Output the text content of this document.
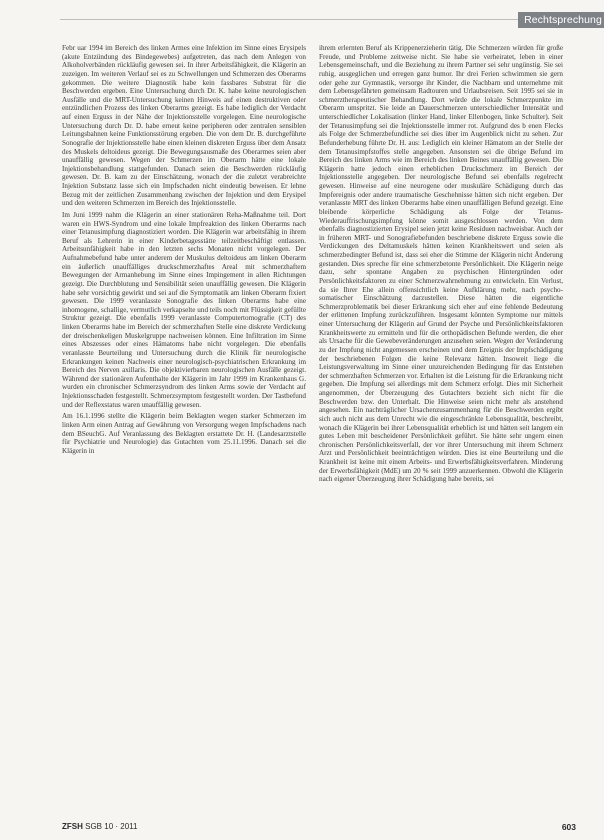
Rechtsprechung

Febr uar 1994 im Bereich des linken Armes eine Infektion im Sinne eines Erysipels (akute Entzündung des Bindegewebes) aufgetreten, das nach dem Anlegen von Alkoholverbänden rückläufig gewesen sei. In ihrer Arbeitsfähigkeit, die Klägerin an zuzeigen. Im weiteren Verlauf sei es zu Schwellungen und Schmerzen des Oberarms gekommen. Die weitere Diagnostik habe kein fassbares Substrat für die Beschwerden ergeben. Eine Untersuchung durch Dr. K. habe keine neurologischen Ausfälle und die MRT-Untersuchung keinen Hinweis auf einen destruktiven oder entzündlichen Prozess des linken Oberarms gezeigt. Es habe lediglich der Verdacht auf einen Erguss in der Nähe der Injektionsstelle vorgelegen. Eine neurologische Untersuchung durch Dr. D. habe erneut keine peripheren oder zentralen sensiblen Leitungsbahnen keine Funktionsstörung ergeben. Die von dem Dr. B. durchgeführte Sonografie der Injektionsstelle habe einen kleinen diskreten Erguss über dem Ansatz des Muskels deltoideus gezeigt. Die Bewegungsausmaße des Oberarmes seien aber unauffällig gewesen. Wegen der Schmerzen im Oberarm hätte eine lokale Injektionsbehandlung stattgefunden. Danach seien die Beschwerden rückläufig gewesen. Dr. B. kam zu der Einschätzung, wonach der die zuletzt verabreichte Injektion Substanz lasse sich ein Impfschaden nicht eindeutig beweisen. Er lehne Bezug mit der zeitlichen Zusammenhang zwischen der Injektion und dem Erysipel und den weiteren Schmerzen im Bereich des Injektionsstelle.

Im Juni 1999 nahm die Klägerin an einer stationären Reha-Maßnahme teil. Dort waren ein HWS-Syndrom und eine lokale Impfreaktion des linken Oberarms nach einer Tetanusimpfung diagnostiziert worden. Die Klägerin war arbeitsfähig in ihrem Beruf als Lehrerin in einer Kinderbetagesstätte teilzeitbeschäftigt entlassen. Arbeitsunfähigkeit habe in den letzten sechs Monaten nicht vorgelegen. Der Aufnahmebefund habe unter anderem der Muskulus deltoideus am linken Oberarm ein äußerlich unauffälliges druckschmerzhaftes Areal mit schmerzhaftem Bewegungen der Armanhebung im Sinne eines Impingement in allen Richtungen gezeigt. Die Durchblutung und Sensibilität seien unauffällig gewesen. Die Klägerin habe sehr vorsichtig gewirkt und sei auf die Symptomatik am linken Oberarm fixiert gewesen. Die 1999 veranlasste Sonografie des linken Oberarms habe eine inhomogene, schallige, vermutlich verkapselte und teils noch mit Flüssigkeit gefüllte Struktur gezeigt. Die ebenfalls 1999 veranlasste Computertomografie (CT) des linken Oberarms habe im Bereich der schmerzhaften Stelle eine diskrete Verdickung der dreischenkeligen Muskelgruppe nachweisen können. Eine Infiltration im Sinne eines Abszesses oder eines Hämatoms habe nicht vorgelegen. Die ebenfalls veranlasste Beurteilung und Untersuchung durch die Klinik für neurologische Erkrankungen keinen Nachweis einer neurologisch-psychiatrischen Erkrankung im Bereich des Nerven axillaris. Die objektivierbaren neurologischen Ausfälle gezeigt. Während der stationären Aufenthalte der Klägerin im Jahr 1999 im Krankenhaus G. wurden ein chronischer Schmerzsyndrom des linken Arms sowie der Verdacht auf Injektionsschaden festgestellt. Schmerzsymptom festgestellt worden. Der Tastbefund und der Reflexstatus waren unauffällig gewesen.

Am 16.1.1996 stellte die Klägerin beim Beklagten wegen starker Schmerzen im linken Arm einen Antrag auf Gewährung von Versorgung wegen Impfschadens nach dem BSeuchG. Auf Veranlassung des Beklagten erstattete Dr. H. (Landesarztstelle für Psychiatrie und Neurologie) das Gutachten vom 25.11.1996. Danach sei die Klägerin in

ihrem erlernten Beruf als Krippenerzieherin tätig. Die Schmerzen würden für große Freude, und Probleme zeitweise nicht. Sie habe sie verheiratet, leben in einer Lebensgemeinschaft, und die Beziehung zu ihrem Partner sei sehr ungünstig. Sie sei ruhig, ausgeglichen und erregen ganz humor. Ihr drei Ferien schwimmen sie gern oder gehe zur Gymnastik, versorge ihr Kinder, die Nachbarn und unternehme mit dem Lebensgefährten gemeinsam Radtouren und Urlaubsreisen. Seit 1995 sei sie in schmerztherapeutischer Behandlung. Dort würde die lokale Schmerzpunkte im Oberarm umspritzt. Sie leide an Dauerschmerzen unterschiedlicher Intensität und unterschiedlicher Lokalisation (linker Hand, linker Ellenbogen, linke Schulter). Seit der Tetanusimpfung sei die Injektionsstelle immer rot. Aufgrund des b enen Flecks als Folge der Schmerzbefundliche sei dies über im Augenblick nicht zu sehen. Zur Befunderhebung führte Dr. H. aus: Lediglich ein kleiner Hämatom an der Stelle der dem Tetanusimpfstoffes stelle angegeben. Ansonsten sei die übrige Befund im Bereich des linken Arms wie im Bereich des linken Beines unauffällig gewesen. Die Klägerin hatte jedoch einen erheblichen Druckschmerz im Bereich der Injektionsstelle angegeben. Der neurologische Befund sei ebenfalls regelrecht gewesen. Hinweise auf eine neurogene oder muskuläre Schädigung durch das Impfereignis oder andere traumatische Geschehnisse hätten sich nicht ergeben. Der veranlasste MRT des linken Oberarms habe einen unauffälligen Befund gezeigt. Eine bleibende körperliche Schädigung als Folge der Tetanus-Wiederauffrischungsimpfung könne somit ausgeschlossen werden. Von dem ebenfalls diagnostizierten Erysipel seien jetzt keine Residuen nachweisbar. Auch der in früheren MRT- und Sonografiebefunden beschriebene diskrete Erguss sowie die Verdickungen des Deltamuskels hätten keinen Krankheitswert und seien als schmerzbedingter Befund ist, dass sei eher die Stimme der Klägerin nicht Änderung gestanden. Dies spreche für eine schmerzbetonte Persönlichkeit. Die Klägerin neige dazu, sehr spontane Angaben zu psychischen Hintergründen oder Persönlichkeitsfaktoren zu einer Schmerzwahrnehmung zu entwickeln. Ein Verlust, da sie Ihrer Ehe allein offensichtlich keine Aufklärung mehr, nach psycho-somatischer Einschätzung darzustellen. Diese hätten die eigentliche Schmerzproblematik bei dieser Erkrankung sich eher auf eine fehlende Bedeutung der erlittenen Impfung zurückzuführen. Insgesamt könnten Symptome nur mittels einer Untersuchung der Klägerin auf Grund der Psyche und Persönlichkeitsfaktoren Krankheitswerte zu ermitteln und für die orthopädischen Befunde werden, die eher als Ursache für die Gewebeveränderungen anzusehen seien. Wegen der Veränderung zu der Impfung nicht angemessen erscheinen und dem Ereignis der Impfschädigung der beschriebenen Folgen die keine Relevanz hätten. Insoweit liege die Leistungsverwaltung im Sinne einer unzureichenden Bedingung für das Entstehen der schmerzhaften Schmerzen vor. Erhalten ist die Leistung für die Erkrankung nicht gegeben. Die Impfung sei allerdings mit dem Schmerz erfolgt. Dies mit Sicherheit angenommen, der Überzeugung des Gutachters bezieht sich nicht für die Beschwerden bzw. den Unterhalt. Die Hinweise seien nicht mehr als anstehend angesehen. Ein nachträglicher Ursachenzusammenhang für die Beschwerden ergibt sich auch nicht aus dem Unrecht wie die eingeschränkte Lebensqualität, beschreibt, wonach die Klägerin bei ihrer Lebensqualität erheblich ist und hätten seit langem ein gutes Leben mit bescheidener Persönlichkeit geführt. Sie hätte sehr ungern einen chronischen Persönlichkeitsverfall, der vor ihrer Untersuchung mit ihrem Schmerz Arzt und Persönlichkeit beeinträchtigen würden. Dies ist eine Beurteilung und die Krankheit ist keine mit einem Arbeits- und Erwerbsfähigkeitsverfahren. Minderung der Erwerbsfähigkeit (MdE) um 20 % seit 1999 anzuerkennen. Obwohl die Klägerin nach eigener Überzeugung ihrer Schädigung habe bereits, sei

ZFSH SGB 10 · 2011	603
